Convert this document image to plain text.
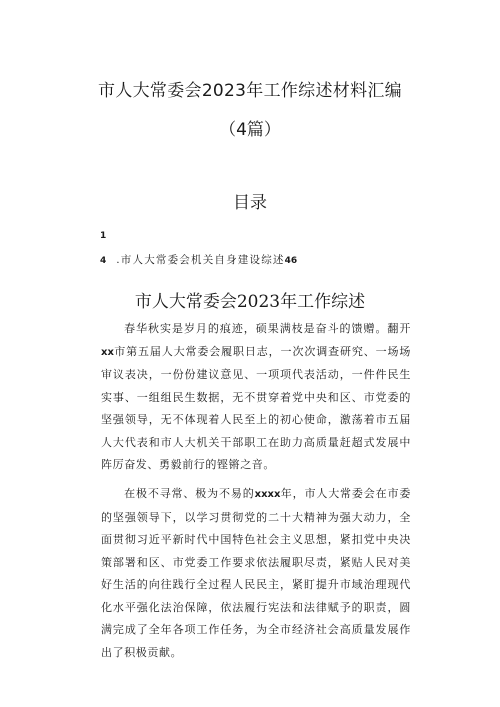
市人大常委会2023年工作综述材料汇编
（4篇）
目录
1
4 .市人大常委会机关自身建设综述46
市人大常委会2023年工作综述

春华秋实是岁月的痕迹，硕果满枝是奋斗的馈赠。翻开xx市第五届人大常委会履职日志，一次次调查研究、一场场审议表决，一份份建议意见、一项项代表活动，一件件民生实事、一组组民生数据，无不贯穿着党中央和区、市党委的坚强领导，无不体现着人民至上的初心使命，激荡着市五届人大代表和市人大机关干部职工在助力高质量赶超式发展中阵厉奋发、勇毅前行的铿锵之音。

在极不寻常、极为不易的xxxx年，市人大常委会在市委的坚强领导下，以学习贯彻党的二十大精神为强大动力，全面贯彻习近平新时代中国特色社会主义思想，紧扣党中央决策部署和区、市党委工作要求依法履职尽责，紧贴人民对美好生活的向往践行全过程人民民主，紧盯提升市域治理现代化水平强化法治保障，依法履行宪法和法律赋予的职责，圆满完成了全年各项工作任务，为全市经济社会高质量发展作出了积极贡献。
